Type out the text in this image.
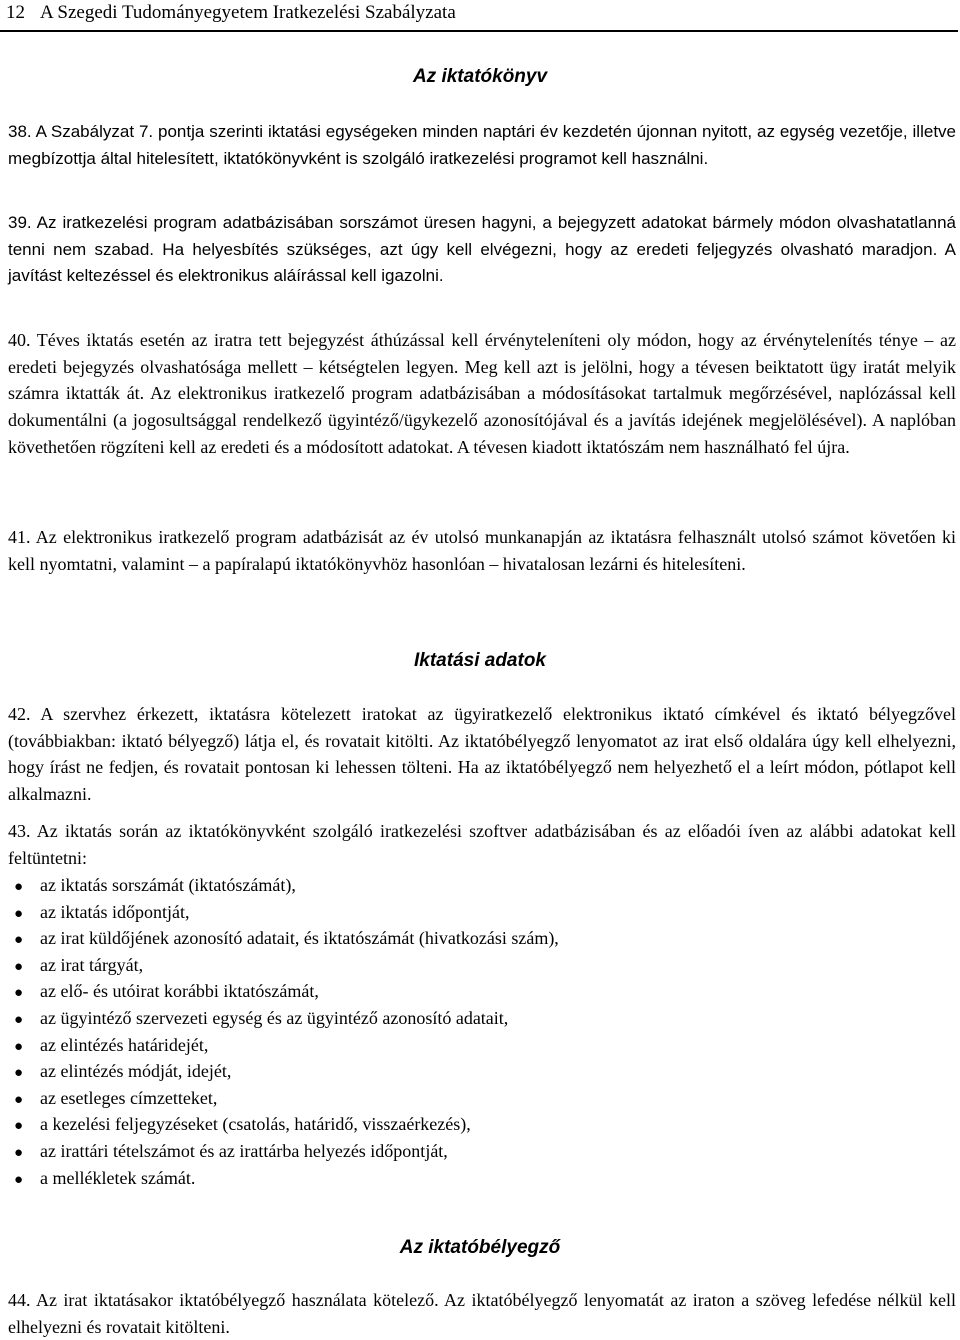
12 A Szegedi Tudományegyetem Iratkezelési Szabályzata
Az iktatókönyv

38. A Szabályzat 7. pontja szerinti iktatási egységeken minden naptári év kezdetén újonnan nyitott, az egység vezetője, illetve megbízottja által hitelesített, iktatókönyvként is szolgáló iratkezelési programot kell használni.

39. Az iratkezelési program adatbázisában sorszámot üresen hagyni, a bejegyzett adatokat bármely módon olvashatatlanná tenni nem szabad. Ha helyesbítés szükséges, azt úgy kell elvégezni, hogy az eredeti feljegyzés olvasható maradjon. A javítást keltezéssel és elektronikus aláírással kell igazolni.

40. Téves iktatás esetén az iratra tett bejegyzést áthúzással kell érvényteleníteni oly módon, hogy az érvénytelenítés ténye – az eredeti bejegyzés olvashatósága mellett – kétségtelen legyen. Meg kell azt is jelölni, hogy a tévesen beiktatott ügy iratát melyik számra iktatták át. Az elektronikus iratkezelő program adatbázisában a módosításokat tartalmuk megőrzésével, naplózással kell dokumentálni (a jogosultsággal rendelkező ügyintéző/ügykezelő azonosítójával és a javítás idejének megjelölésével). A naplóban követhetően rögzíteni kell az eredeti és a módosított adatokat. A tévesen kiadott iktatószám nem használható fel újra.

41. Az elektronikus iratkezelő program adatbázisát az év utolsó munkanapján az iktatásra felhasznált utolsó számot követően ki kell nyomtatni, valamint – a papíralapú iktatókönyvhöz hasonlóan – hivatalosan lezárni és hitelesíteni.

Iktatási adatok

42. A szervhez érkezett, iktatásra kötelezett iratokat az ügyiratkezelő elektronikus iktató címkével és iktató bélyegzővel (továbbiakban: iktató bélyegző) látja el, és rovatait kitölti. Az iktatóbélyegző lenyomatot az irat első oldalára úgy kell elhelyezni, hogy írást ne fedjen, és rovatait pontosan ki lehessen tölteni. Ha az iktatóbélyegző nem helyezhető el a leírt módon, pótlapot kell alkalmazni.

43. Az iktatás során az iktatókönyvként szolgáló iratkezelési szoftver adatbázisában és az előadói íven az alábbi adatokat kell feltüntetni:

● az iktatás sorszámát (iktatószámát),
● az iktatás időpontját,
● az irat küldőjének azonosító adatait, és iktatószámát (hivatkozási szám),
● az irat tárgyát,
● az elő- és utóirat korábbi iktatószámát,
● az ügyintéző szervezeti egység és az ügyintéző azonosító adatait,
● az elintézés határidejét,
● az elintézés módját, idejét,
● az esetleges címzetteket,
● a kezelési feljegyzéseket (csatolás, határidő, visszaérkezés),
● az irattári tételszámot és az irattárba helyezés időpontját,
● a mellékletek számát.
Az iktatóbélyegző

44. Az irat iktatásakor iktatóbélyegző használata kötelező. Az iktatóbélyegző lenyomatát az iraton a szöveg lefedése nélkül kell elhelyezni és rovatait kitölteni.
